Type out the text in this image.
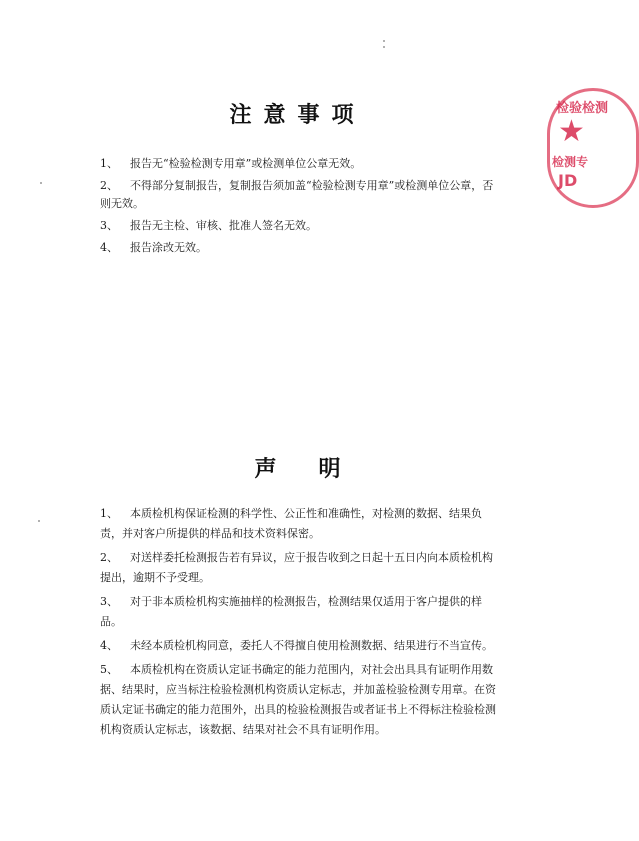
注意事项
1、 报告无“检验检测专用章”或检测单位公章无效。
2、 不得部分复制报告，复制报告须加盖“检验检测专用章”或检测单位公章，否则无效。
3、 报告无主检、审核、批准人签名无效。
4、 报告涂改无效。
声明
1、 本质检机构保证检测的科学性、公正性和准确性，对检测的数据、结果负责，并对客户所提供的样品和技术资料保密。
2、 对送样委托检测报告若有异议，应于报告收到之日起十五日内向本质检机构提出，逾期不予受理。
3、 对于非本质检机构实施抽样的检测报告，检测结果仅适用于客户提供的样品。
4、 未经本质检机构同意，委托人不得擅自使用检测数据、结果进行不当宣传。
5、 本质检机构在资质认定证书确定的能力范围内，对社会出具具有证明作用数据、结果时，应当标注检验检测机构资质认定标志，并加盖检验检测专用章。在资质认定证书确定的能力范围外，出具的检验检测报告或者证书上不得标注检验检测机构资质认定标志，该数据、结果对社会不具有证明作用。
检验检测
★
检测专
JD
